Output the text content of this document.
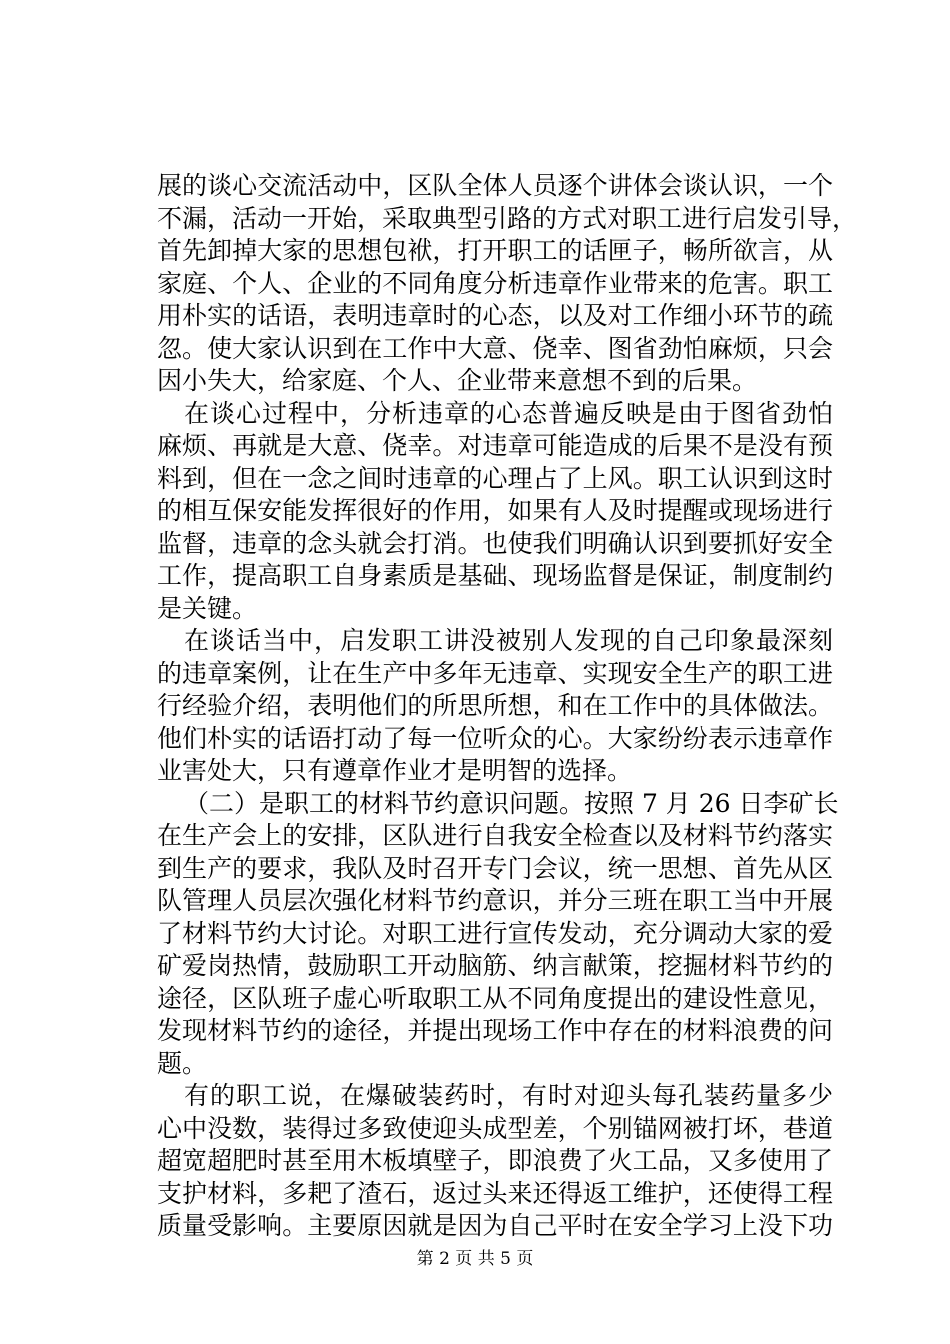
展的谈心交流活动中，区队全体人员逐个讲体会谈认识，一个
不漏，活动一开始，采取典型引路的方式对职工进行启发引导，
首先卸掉大家的思想包袱，打开职工的话匣子，畅所欲言，从
家庭、个人、企业的不同角度分析违章作业带来的危害。职工
用朴实的话语，表明违章时的心态，以及对工作细小环节的疏
忽。使大家认识到在工作中大意、侥幸、图省劲怕麻烦，只会
因小失大，给家庭、个人、企业带来意想不到的后果。
在谈心过程中，分析违章的心态普遍反映是由于图省劲怕
麻烦、再就是大意、侥幸。对违章可能造成的后果不是没有预
料到，但在一念之间时违章的心理占了上风。职工认识到这时
的相互保安能发挥很好的作用，如果有人及时提醒或现场进行
监督，违章的念头就会打消。也使我们明确认识到要抓好安全
工作，提高职工自身素质是基础、现场监督是保证，制度制约
是关键。
在谈话当中，启发职工讲没被别人发现的自己印象最深刻
的违章案例，让在生产中多年无违章、实现安全生产的职工进
行经验介绍，表明他们的所思所想，和在工作中的具体做法。
他们朴实的话语打动了每一位听众的心。大家纷纷表示违章作
业害处大，只有遵章作业才是明智的选择。
（二）是职工的材料节约意识问题。按照 7 月 26 日李矿长
在生产会上的安排，区队进行自我安全检查以及材料节约落实
到生产的要求，我队及时召开专门会议，统一思想、首先从区
队管理人员层次强化材料节约意识，并分三班在职工当中开展
了材料节约大讨论。对职工进行宣传发动，充分调动大家的爱
矿爱岗热情，鼓励职工开动脑筋、纳言献策，挖掘材料节约的
途径，区队班子虚心听取职工从不同角度提出的建设性意见，
发现材料节约的途径，并提出现场工作中存在的材料浪费的问
题。
有的职工说，在爆破装药时，有时对迎头每孔装药量多少
心中没数，装得过多致使迎头成型差，个别锚网被打坏，巷道
超宽超肥时甚至用木板填壁子，即浪费了火工品，又多使用了
支护材料，多耙了渣石，返过头来还得返工维护，还使得工程
质量受影响。主要原因就是因为自己平时在安全学习上没下功
第 2 页 共 5 页
